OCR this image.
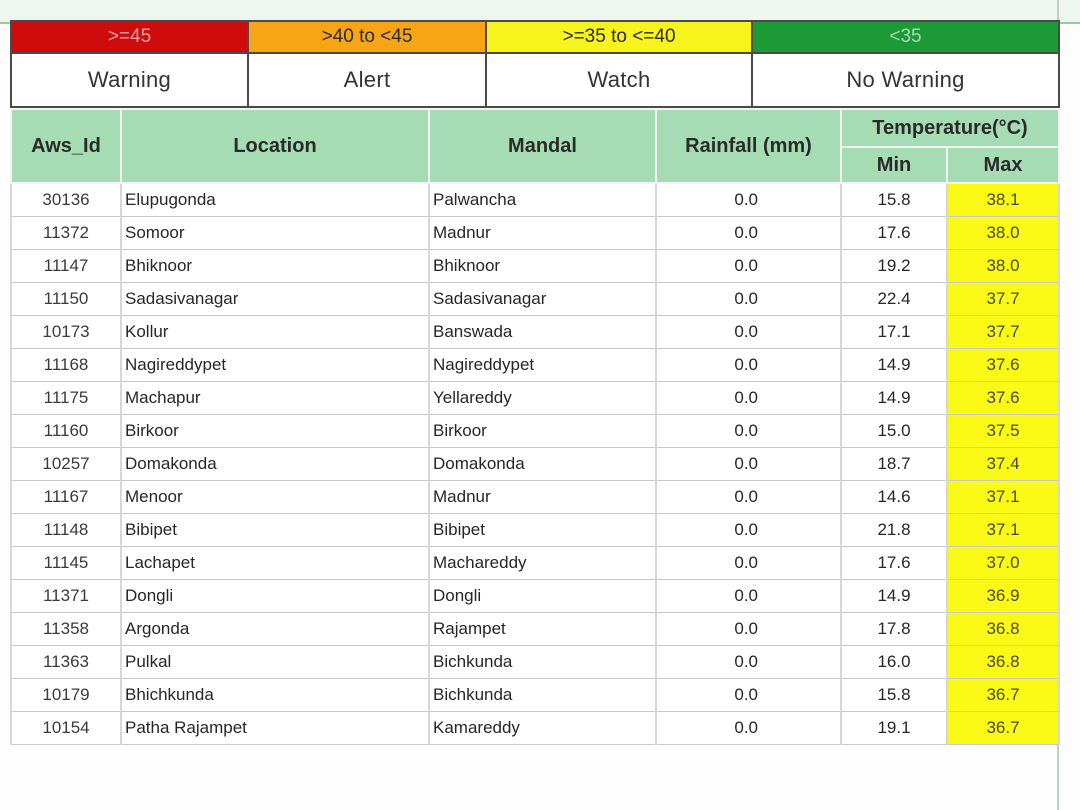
>=45	>40 to <45	>=35 to <=40	<35
Warning	Alert	Watch	No Warning
Aws_Id	Location	Mandal	Rainfall (mm)	Temperature(°C)	
				Min	Max
30136	Elupugonda	Palwancha	0.0	15.8	38.1
11372	Somoor	Madnur	0.0	17.6	38.0
11147	Bhiknoor	Bhiknoor	0.0	19.2	38.0
11150	Sadasivanagar	Sadasivanagar	0.0	22.4	37.7
10173	Kollur	Banswada	0.0	17.1	37.7
11168	Nagireddypet	Nagireddypet	0.0	14.9	37.6
11175	Machapur	Yellareddy	0.0	14.9	37.6
11160	Birkoor	Birkoor	0.0	15.0	37.5
10257	Domakonda	Domakonda	0.0	18.7	37.4
11167	Menoor	Madnur	0.0	14.6	37.1
11148	Bibipet	Bibipet	0.0	21.8	37.1
11145	Lachapet	Machareddy	0.0	17.6	37.0
11371	Dongli	Dongli	0.0	14.9	36.9
11358	Argonda	Rajampet	0.0	17.8	36.8
11363	Pulkal	Bichkunda	0.0	16.0	36.8
10179	Bhichkunda	Bichkunda	0.0	15.8	36.7
10154	Patha Rajampet	Kamareddy	0.0	19.1	36.7
